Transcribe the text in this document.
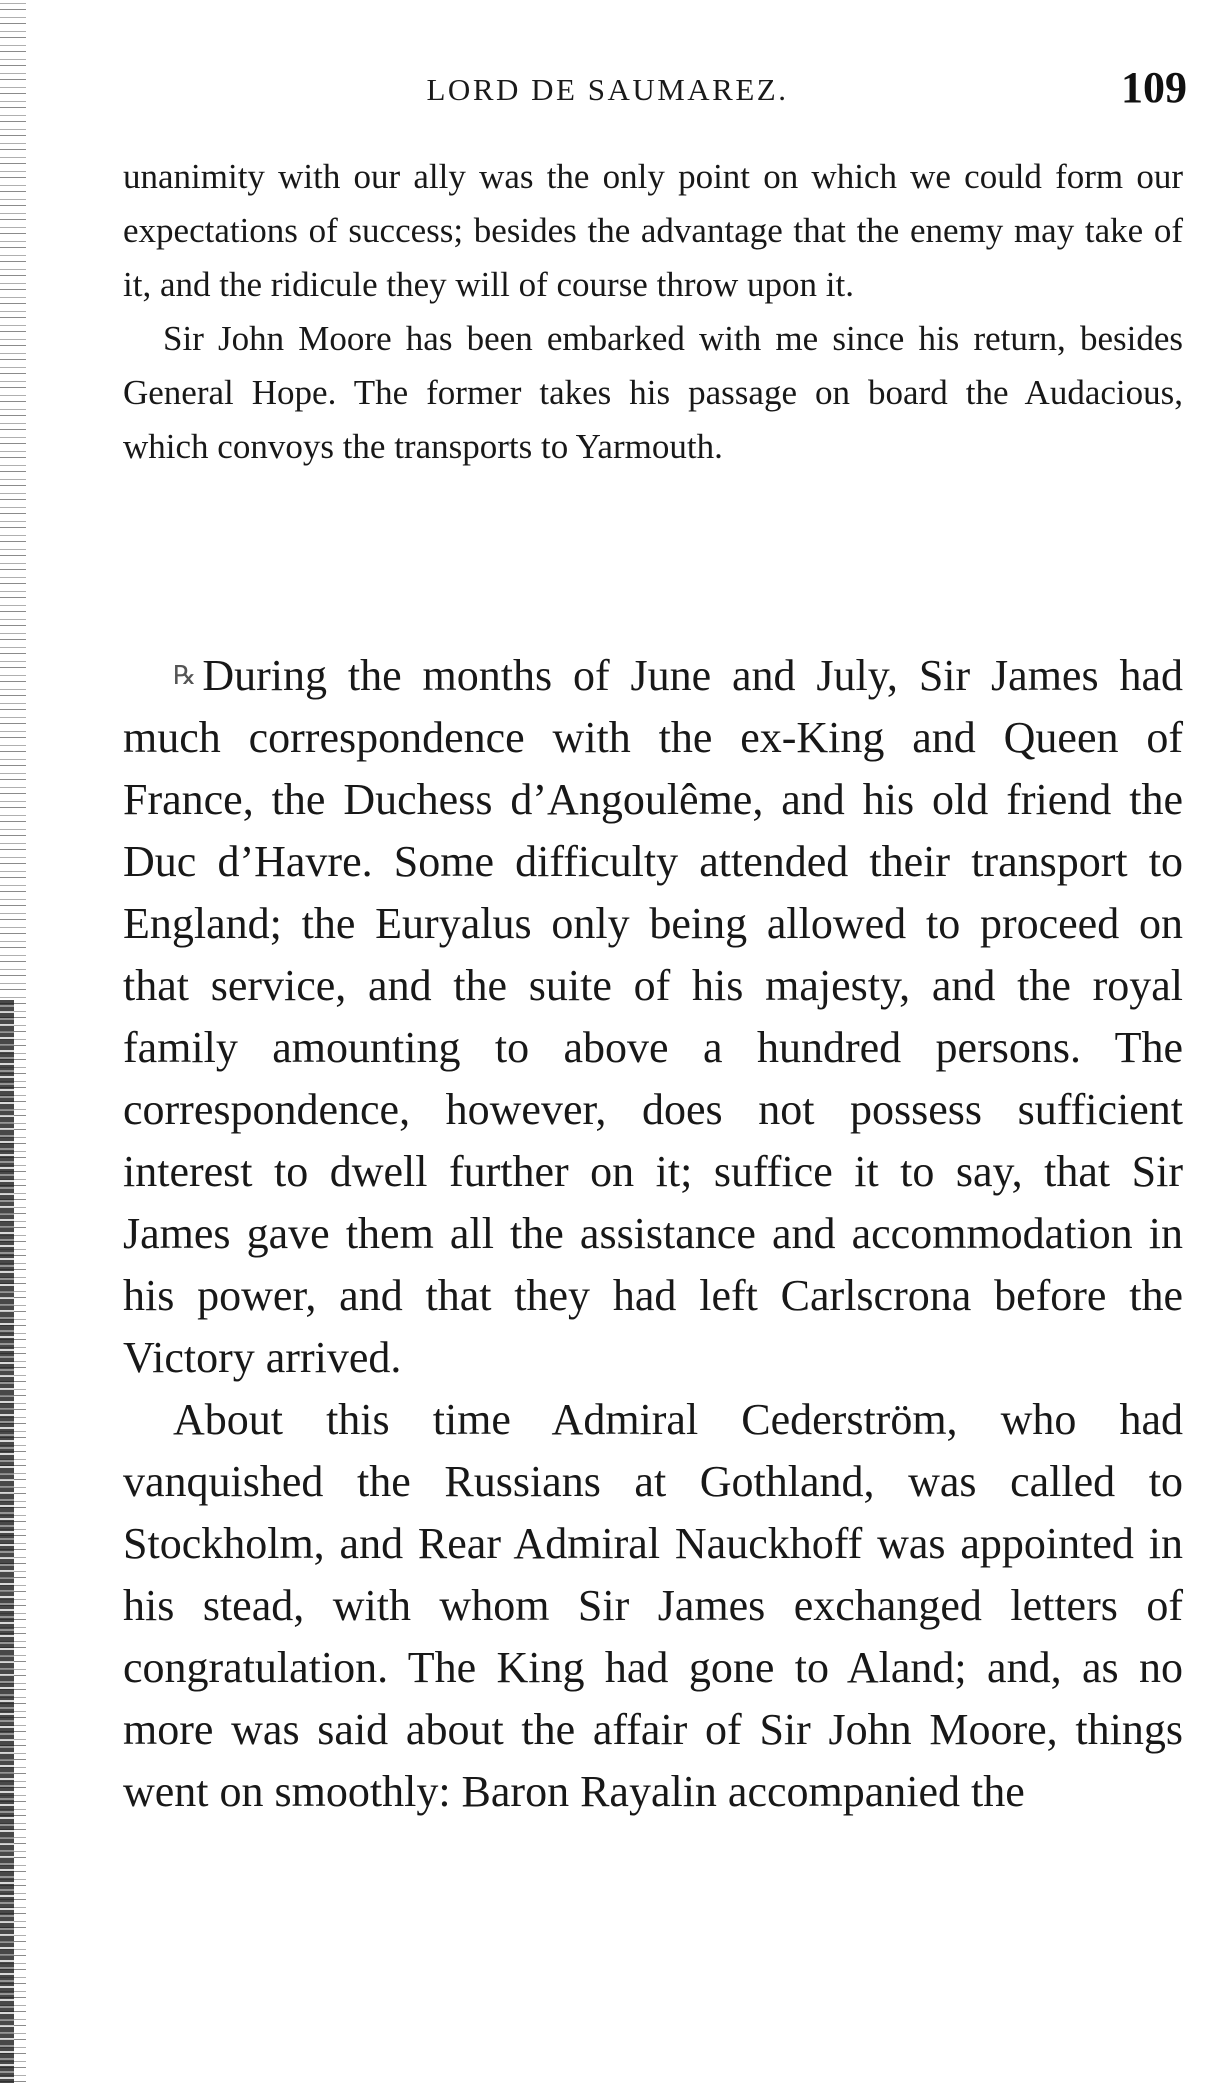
LORD DE SAUMAREZ.	109

unanimity with our ally was the only point on which we could form our expectations of success; besides the advantage that the enemy may take of it, and the ridicule they will of course throw upon it.

Sir John Moore has been embarked with me since his return, besides General Hope. The former takes his passage on board the Audacious, which convoys the transports to Yarmouth.

℞ During the months of June and July, Sir James had much correspondence with the ex-King and Queen of France, the Duchess d’Angoulême, and his old friend the Duc d’Havre. Some difficulty attended their transport to England; the Euryalus only being allowed to proceed on that service, and the suite of his majesty, and the royal family amounting to above a hundred persons. The correspondence, however, does not possess sufficient interest to dwell further on it; suffice it to say, that Sir James gave them all the assistance and accommodation in his power, and that they had left Carlscrona before the Victory arrived.

About this time Admiral Cederström, who had vanquished the Russians at Gothland, was called to Stockholm, and Rear Admiral Nauckhoff was appointed in his stead, with whom Sir James exchanged letters of congratulation. The King had gone to Aland; and, as no more was said about the affair of Sir John Moore, things went on smoothly: Baron Rayalin accompanied the
